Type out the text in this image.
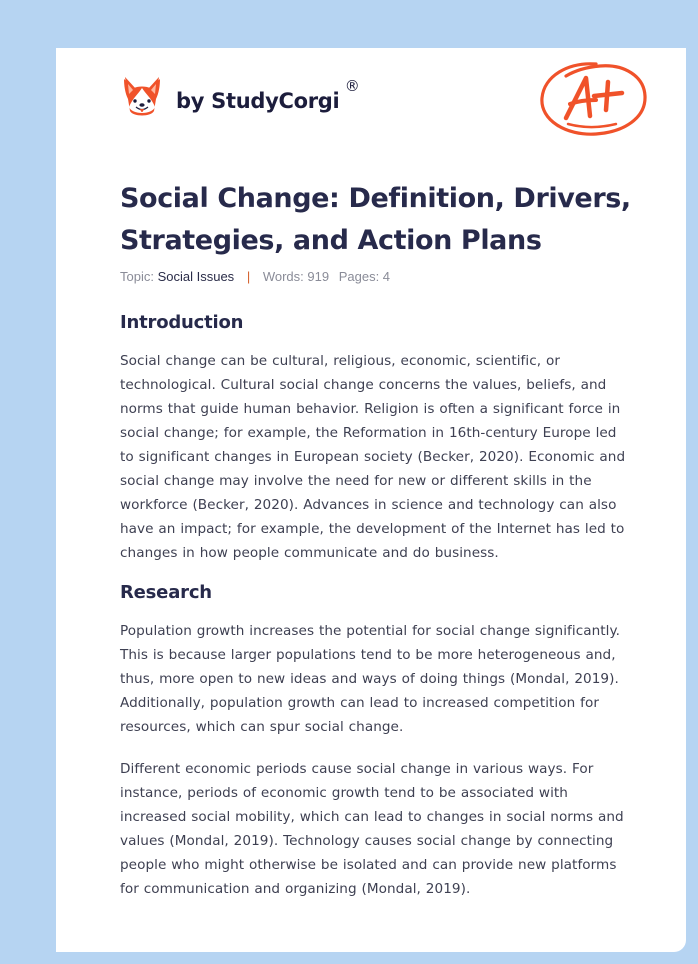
by StudyCorgi
®
Social Change: Definition, Drivers, Strategies, and Action Plans
Topic: Social Issues | Words: 919 Pages: 4
Introduction

Social change can be cultural, religious, economic, scientific, or technological. Cultural social change concerns the values, beliefs, and norms that guide human behavior. Religion is often a significant force in social change; for example, the Reformation in 16th-century Europe led to significant changes in European society (Becker, 2020). Economic and social change may involve the need for new or different skills in the workforce (Becker, 2020). Advances in science and technology can also have an impact; for example, the development of the Internet has led to changes in how people communicate and do business.

Research

Population growth increases the potential for social change significantly. This is because larger populations tend to be more heterogeneous and, thus, more open to new ideas and ways of doing things (Mondal, 2019). Additionally, population growth can lead to increased competition for resources, which can spur social change.

Different economic periods cause social change in various ways. For instance, periods of economic growth tend to be associated with increased social mobility, which can lead to changes in social norms and values (Mondal, 2019). Technology causes social change by connecting people who might otherwise be isolated and can provide new platforms for communication and organizing (Mondal, 2019).
